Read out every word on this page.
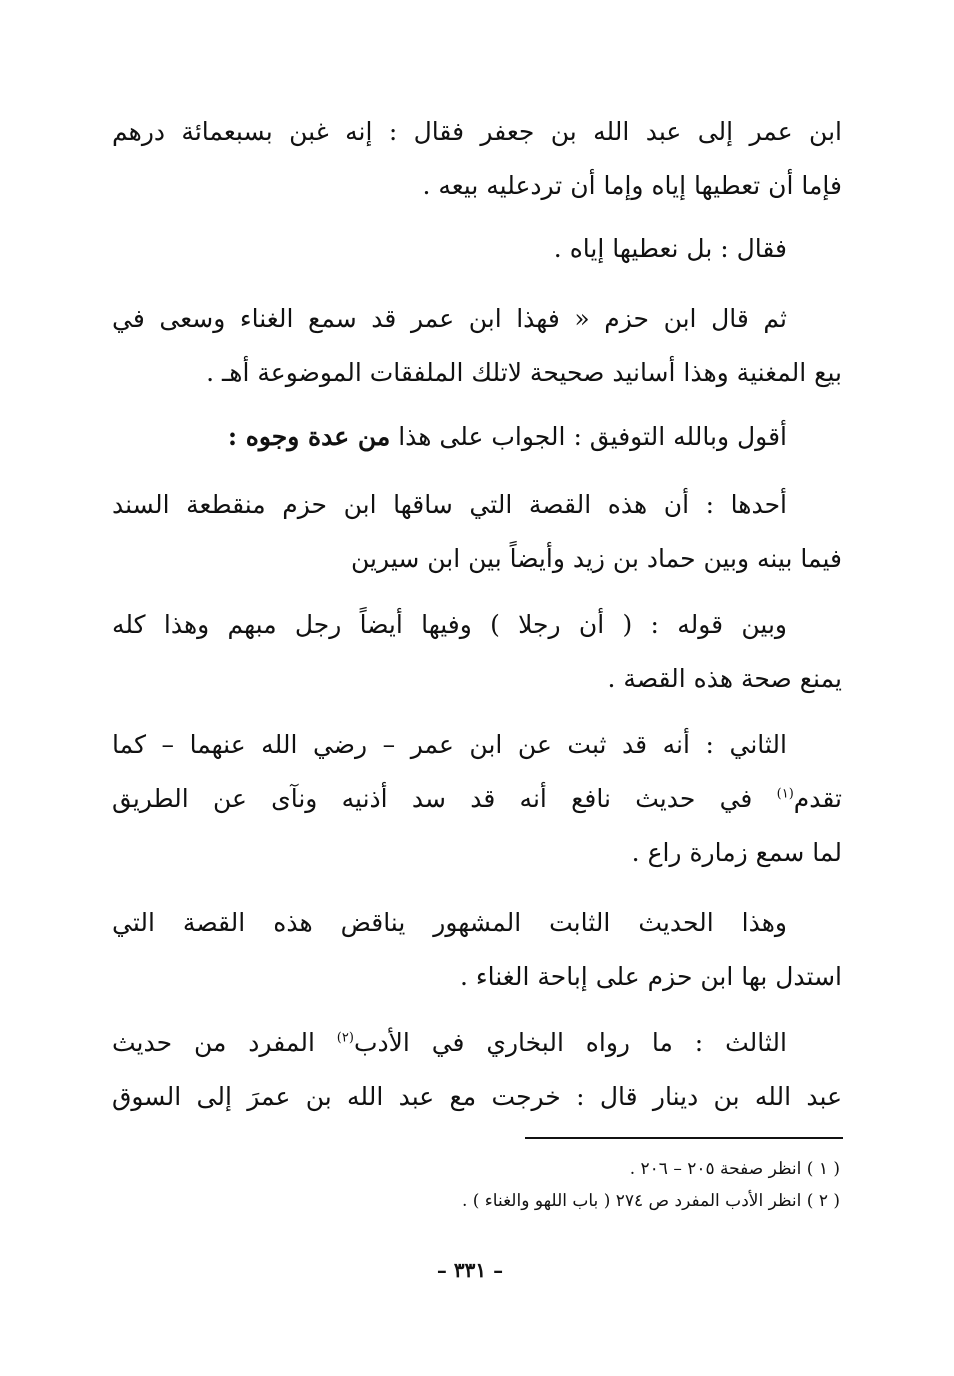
ابن عمر إلى عبد الله بن جعفر فقال : إنه غبن بسبعمائة درهم
فإما أن تعطيها إياه وإما أن تردعليه بيعه .
فقال : بل نعطيها إياه .
ثم قال ابن حزم « فهذا ابن عمر قد سمع الغناء وسعى في
بيع المغنية وهذا أسانيد صحيحة لاتلك الملفقات الموضوعة أهـ .
أقول وبالله التوفيق : الجواب على هذا من عدة وجوه :
أحدها : أن هذه القصة التي ساقها ابن حزم منقطعة السند
فيما بينه وبين حماد بن زيد وأيضاً بين ابن سيرين
وبين قوله : ( أن رجلا ) وفيها أيضاً رجل مبهم وهذا كله
يمنع صحة هذه القصة .
الثاني : أنه قد ثبت عن ابن عمر – رضي الله عنهما – كما
تقدم$^{(١)}$ في حديث نافع أنه قد سد أذنيه ونآى عن الطريق
لما سمع زمارة راع .
وهذا الحديث الثابت المشهور يناقض هذه القصة التي
استدل بها ابن حزم على إباحة الغناء .
الثالث : ما رواه البخاري في الأدب$^{(٢)}$ المفرد من حديث
عبد الله بن دينار قال : خرجت مع عبد الله بن عمرَ إلى السوق
( ١ ) انظر صفحة ٢٠٥ – ٢٠٦ .
( ٢ ) انظر الأدب المفرد ص ٢٧٤ ( باب اللهو والغناء ) .
– ٣٣١ –
